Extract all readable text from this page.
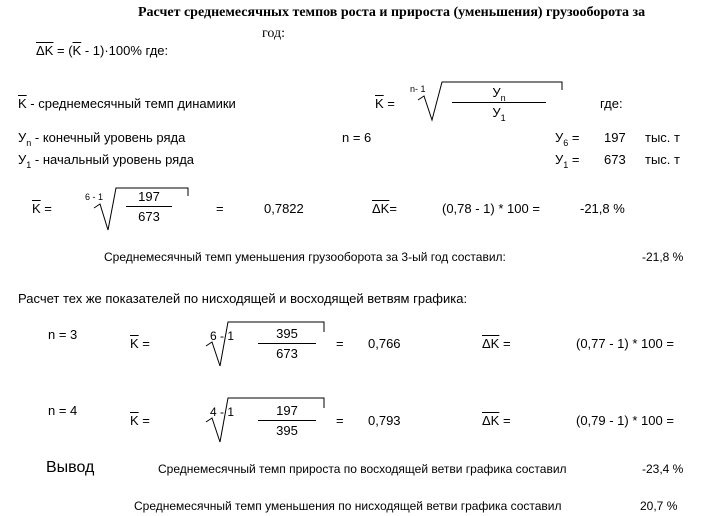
Расчет среднемесячных темпов роста и прироста (уменьшения) грузооборота за
год:
$\overline{\Delta K} = (\overline{K} - 1)\cdot 100\%$ где:
$\overline{K}$ - среднемесячный темп динамики	$\overline{K}$ =
n- 1	$У_n$
$У_1$
где:
$У_n$ - конечный уровень ряда
$У_1$ - начальный уровень ряда
n = 6	$У_6 = 197$ тыс. т
$У_1 = 673$ тыс. т
$\overline{K}$ =
$6 - 1 \frac{197}{673}$	=	0,7822	$\overline{\Delta K}=$	(0,78 - 1) * 100 =	-21,8 %
Среднемесячный темп уменьшения грузооборота за 3-ый год составил:	-21,8 %
Расчет тех же показателей по нисходящей и восходящей ветвям графика:
n = 3
$\overline{K}$ =	$6 - 1 \frac{395}{673} = 0,766$	$\overline{\Delta K}$ =	(0,77 - 1) * 100 =
n = 4
$\overline{K}$ =
$4 - 1 \frac{197}{395} = 0,793$	$\overline{\Delta K}$ =	(0,79 - 1) * 100 =
Вывод	Среднемесячный темп прироста по восходящей ветви графика составил	-23,4 %
Среднемесячный темп уменьшения по нисходящей ветви графика составил	20,7 %
